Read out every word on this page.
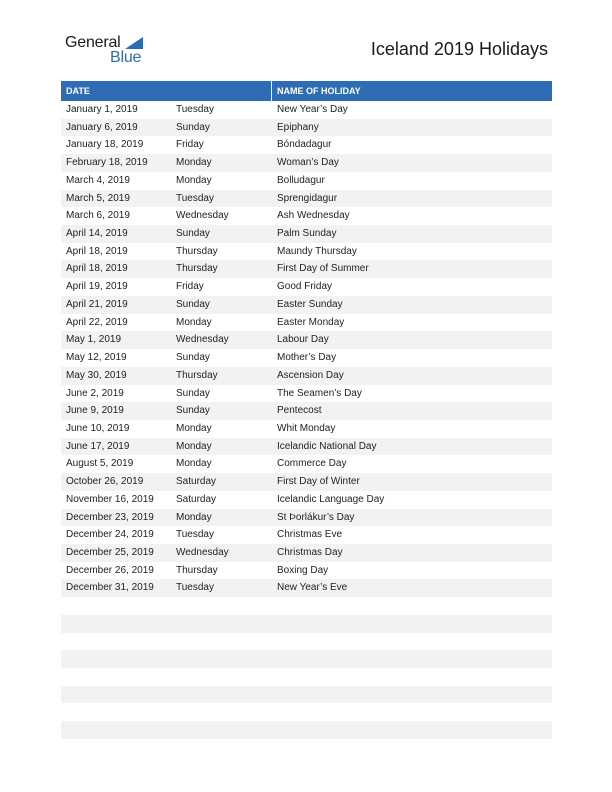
General
Blue	Iceland 2019 Holidays
DATE	NAME OF HOLIDAY
January 1, 2019	Tuesday	New Year’s Day
January 6, 2019	Sunday	Epiphany
January 18, 2019	Friday	Bóndadagur
February 18, 2019	Monday	Woman’s Day
March 4, 2019	Monday	Bolludagur
March 5, 2019	Tuesday	Sprengidagur
March 6, 2019	Wednesday	Ash Wednesday
April 14, 2019	Sunday	Palm Sunday
April 18, 2019	Thursday	Maundy Thursday
April 18, 2019	Thursday	First Day of Summer
April 19, 2019	Friday	Good Friday
April 21, 2019	Sunday	Easter Sunday
April 22, 2019	Monday	Easter Monday
May 1, 2019	Wednesday	Labour Day
May 12, 2019	Sunday	Mother’s Day
May 30, 2019	Thursday	Ascension Day
June 2, 2019	Sunday	The Seamen’s Day
June 9, 2019	Sunday	Pentecost
June 10, 2019	Monday	Whit Monday
June 17, 2019	Monday	Icelandic National Day
August 5, 2019	Monday	Commerce Day
October 26, 2019	Saturday	First Day of Winter
November 16, 2019 Saturday	Icelandic Language Day
December 23, 2019 Monday	St Þorlákur’s Day
December 24, 2019 Tuesday	Christmas Eve
December 25, 2019 Wednesday	Christmas Day
December 26, 2019 Thursday	Boxing Day
December 31, 2019 Tuesday	New Year’s Eve
